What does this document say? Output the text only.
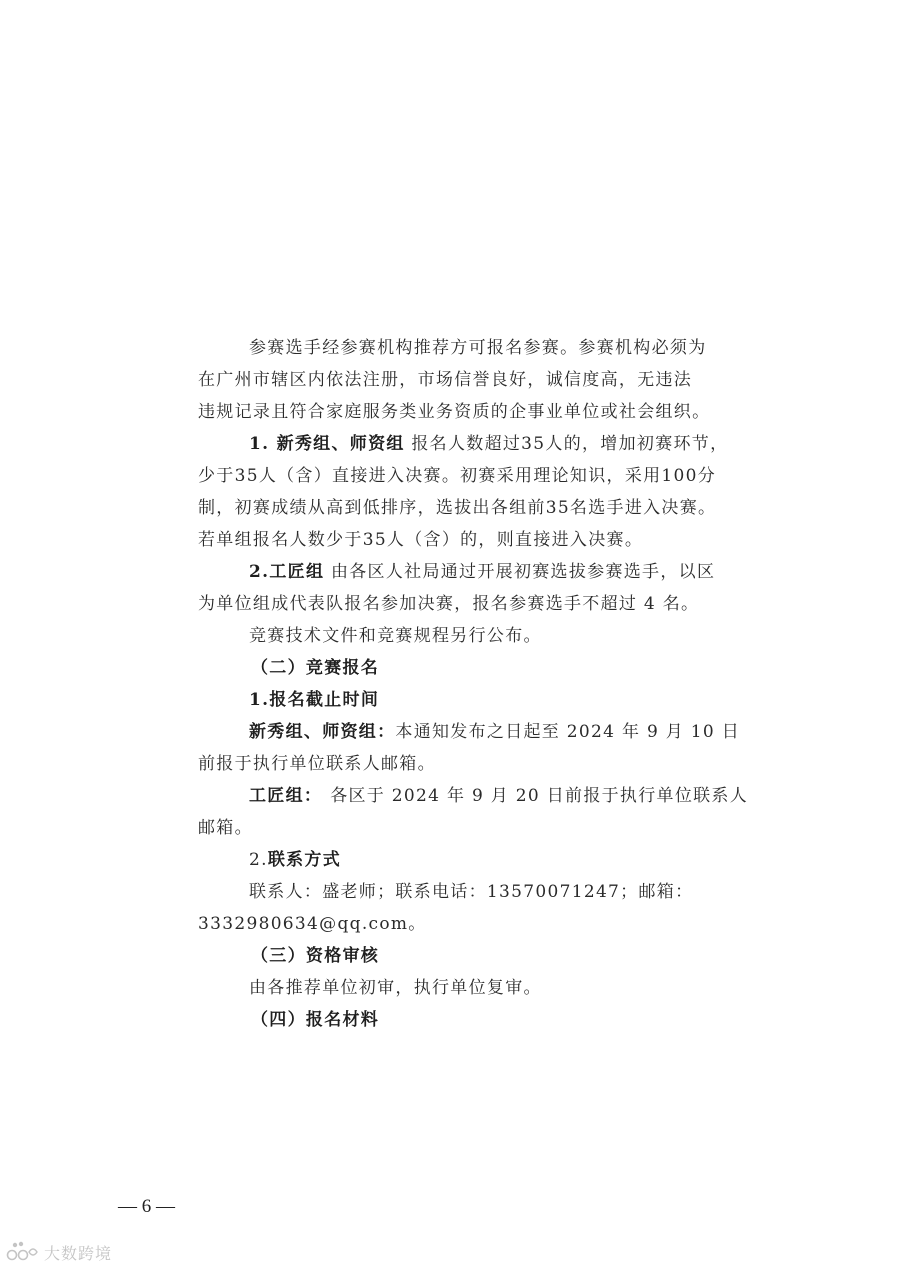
参赛选手经参赛机构推荐方可报名参赛。参赛机构必须为
在广州市辖区内依法注册，市场信誉良好，诚信度高，无违法
违规记录且符合家庭服务类业务资质的企事业单位或社会组织。
1. 新秀组、师资组 报名人数超过35人的，增加初赛环节，
少于35人（含）直接进入决赛。初赛采用理论知识，采用100分
制，初赛成绩从高到低排序，选拔出各组前35名选手进入决赛。
若单组报名人数少于35人（含）的，则直接进入决赛。
2.工匠组 由各区人社局通过开展初赛选拔参赛选手，以区
为单位组成代表队报名参加决赛，报名参赛选手不超过 4 名。
竞赛技术文件和竞赛规程另行公布。
（二）竞赛报名
1.报名截止时间
新秀组、师资组：本通知发布之日起至 2024 年 9 月 10 日
前报于执行单位联系人邮箱。
工匠组： 各区于 2024 年 9 月 20 日前报于执行单位联系人
邮箱。
2.联系方式
联系人：盛老师；联系电话：13570071247；邮箱：
3332980634@qq.com。
（三）资格审核
由各推荐单位初审，执行单位复审。
（四）报名材料
— 6 —
大数跨境
